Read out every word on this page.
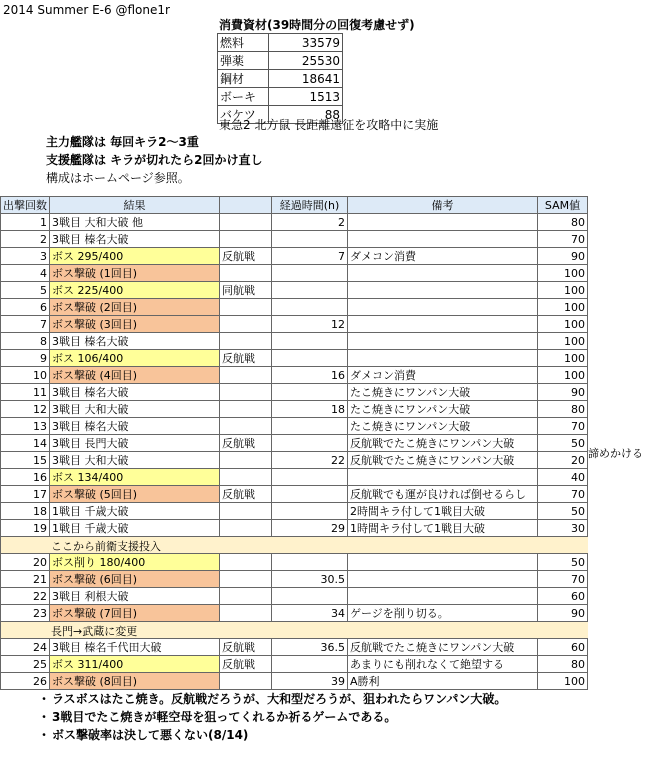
2014 Summer E-6 @flone1r
消費資材(39時間分の回復考慮せず)
燃料	33579
弾薬	25530
鋼材	18641
ボーキ	1513
バケツ	88
東急2 北方鼠 長距離遠征を攻略中に実施
主力艦隊は 毎回キラ2～3重
支援艦隊は キラが切れたら2回かけ直し
構成はホームページ参照。
出撃回数	結果		経過時間(h)	備考	SAM値
1	3戦目 大和大破 他		2		80
2	3戦目 榛名大破				70
3	ボス 295/400	反航戦	7	ダメコン消費	90
4	ボス撃破 (1回目)				100
5	ボス 225/400	同航戦			100
6	ボス撃破 (2回目)				100
7	ボス撃破 (3回目)		12		100
8	3戦目 榛名大破				100
9	ボス 106/400	反航戦			100
10	ボス撃破 (4回目)		16	ダメコン消費	100
11	3戦目 榛名大破			たこ焼きにワンパン大破	90
12	3戦目 大和大破		18	たこ焼きにワンパン大破	80
13	3戦目 榛名大破			たこ焼きにワンパン大破	70
14	3戦目 長門大破	反航戦		反航戦でたこ焼きにワンパン大破	50
15	3戦目 大和大破		22	反航戦でたこ焼きにワンパン大破	20
16	ボス 134/400				40
17	ボス撃破 (5回目)	反航戦		反航戦でも運が良ければ倒せるらし	70
18	1戦目 千歳大破			2時間キラ付して1戦目大破	50
19	1戦目 千歳大破		29	1時間キラ付して1戦目大破	30

ここから前衛支援投入					

20	ボス削り 180/400				50
21	ボス撃破 (6回目)		30.5		70
22	3戦目 利根大破				60
23	ボス撃破 (7回目)		34	ゲージを削り切る。	90

長門→武蔵に変更					

24	3戦目 榛名千代田大破	反航戦	36.5	反航戦でたこ焼きにワンパン大破	60
25	ボス 311/400	反航戦		あまりにも削れなくて絶望する	80
26	ボス撃破 (8回目)		39	A勝利	100
諦めかける
・ ラスボスはたこ焼き。反航戦だろうが、大和型だろうが、狙われたらワンパン大破。
・ 3戦目でたこ焼きが軽空母を狙ってくれるか祈るゲームである。
・ ボス撃破率は決して悪くない(8/14)
